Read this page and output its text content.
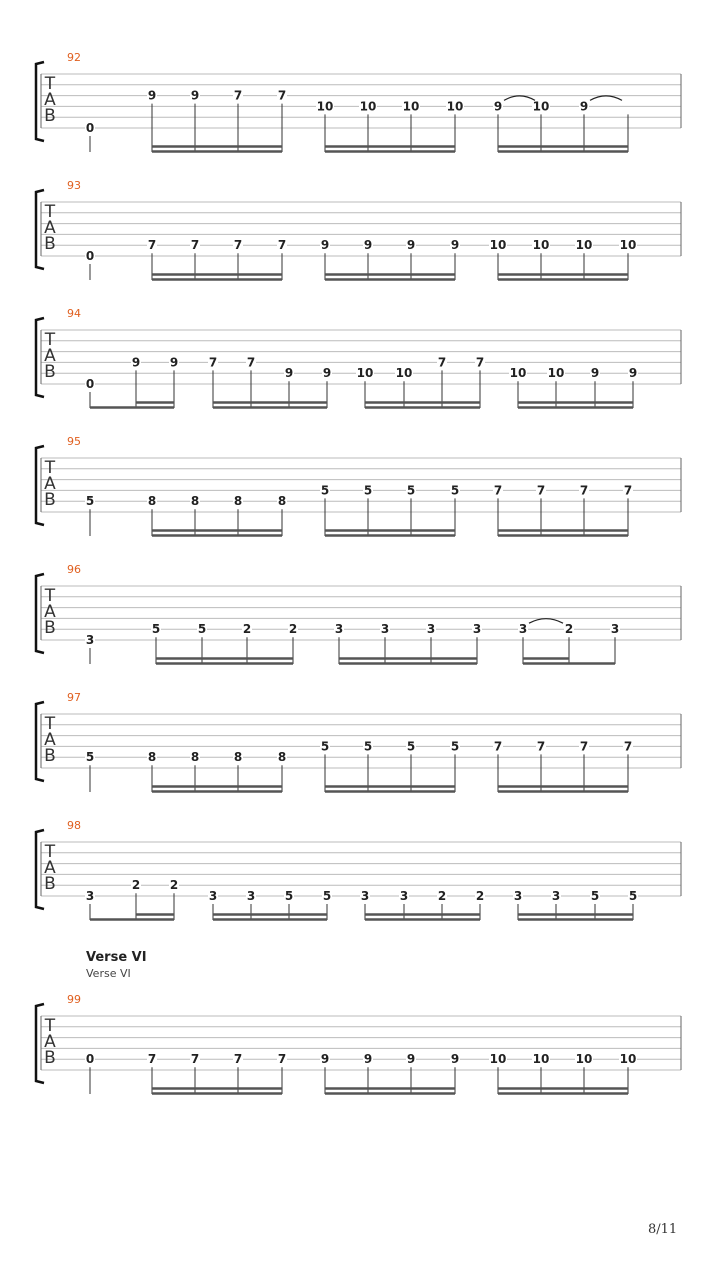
92
T
A
B
0
9	9	7	7
10 10 10 10	9	10	9
93
T
A
B
0
7	7	7	7	9	9	9	9	10 10 10 10
94
T
A
B
0
9 9	7 7
9 9 10 10
7 7
10 10 9 9
95
T
A
B 5	8	8	8	8
5	5	5	5	7	7	7	7
96
T
A
B
3
5	5	2	2	3	3	3	3	3	2	3
97
T
A
B 5	8	8	8	8
5	5	5	5	7	7	7	7
98
T
A
B
3
2 2
3 3 5 5 3	3 2 2 3 3	5 5
99
T
A
B 0	7	7	7	7	9	9	9	9	10 10 10 10
Verse VI
Verse VI
8/11
